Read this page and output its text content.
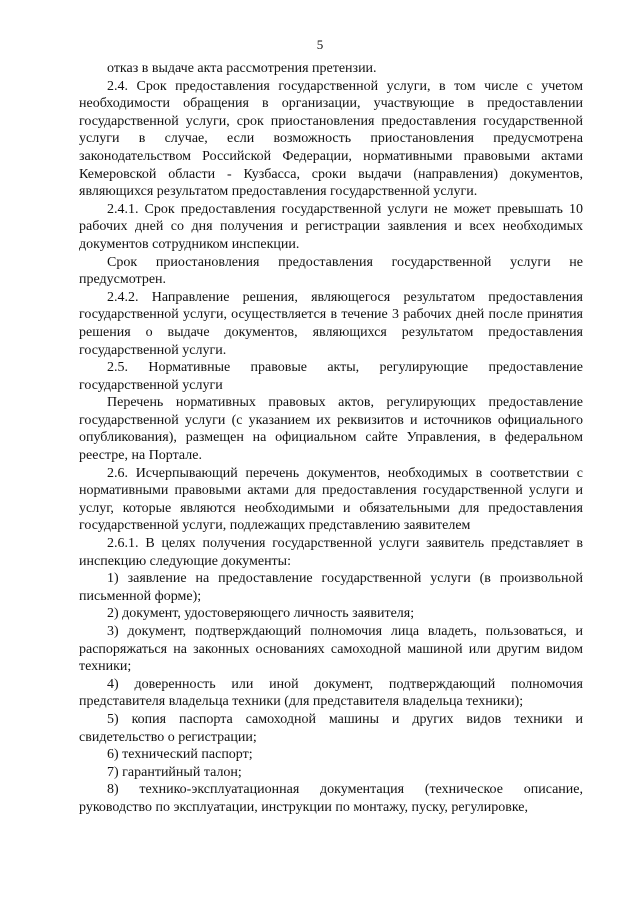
5

отказ в выдаче акта рассмотрения претензии.

2.4. Срок предоставления государственной услуги, в том числе с учетом необходимости обращения в организации, участвующие в предоставлении государственной услуги, срок приостановления предоставления государственной услуги в случае, если возможность приостановления предусмотрена законодательством Российской Федерации, нормативными правовыми актами Кемеровской области - Кузбасса, сроки выдачи (направления) документов, являющихся результатом предоставления государственной услуги.

2.4.1. Срок предоставления государственной услуги не может превышать 10 рабочих дней со дня получения и регистрации заявления и всех необходимых документов сотрудником инспекции.

Срок приостановления предоставления государственной услуги не предусмотрен.

2.4.2. Направление решения, являющегося результатом предоставления государственной услуги, осуществляется в течение 3 рабочих дней после принятия решения о выдаче документов, являющихся результатом предоставления государственной услуги.

2.5. Нормативные правовые акты, регулирующие предоставление государственной услуги

Перечень нормативных правовых актов, регулирующих предоставление государственной услуги (с указанием их реквизитов и источников официального опубликования), размещен на официальном сайте Управления, в федеральном реестре, на Портале.

2.6. Исчерпывающий перечень документов, необходимых в соответствии с нормативными правовыми актами для предоставления государственной услуги и услуг, которые являются необходимыми и обязательными для предоставления государственной услуги, подлежащих представлению заявителем

2.6.1. В целях получения государственной услуги заявитель представляет в инспекцию следующие документы:

1) заявление на предоставление государственной услуги (в произвольной письменной форме);

2) документ, удостоверяющего личность заявителя;

3) документ, подтверждающий полномочия лица владеть, пользоваться, и распоряжаться на законных основаниях самоходной машиной или другим видом техники;

4) доверенность или иной документ, подтверждающий полномочия представителя владельца техники (для представителя владельца техники);

5) копия паспорта самоходной машины и других видов техники и свидетельство о регистрации;

6) технический паспорт;

7) гарантийный талон;

8) технико-эксплуатационная документация (техническое описание, руководство по эксплуатации, инструкции по монтажу, пуску, регулировке,
